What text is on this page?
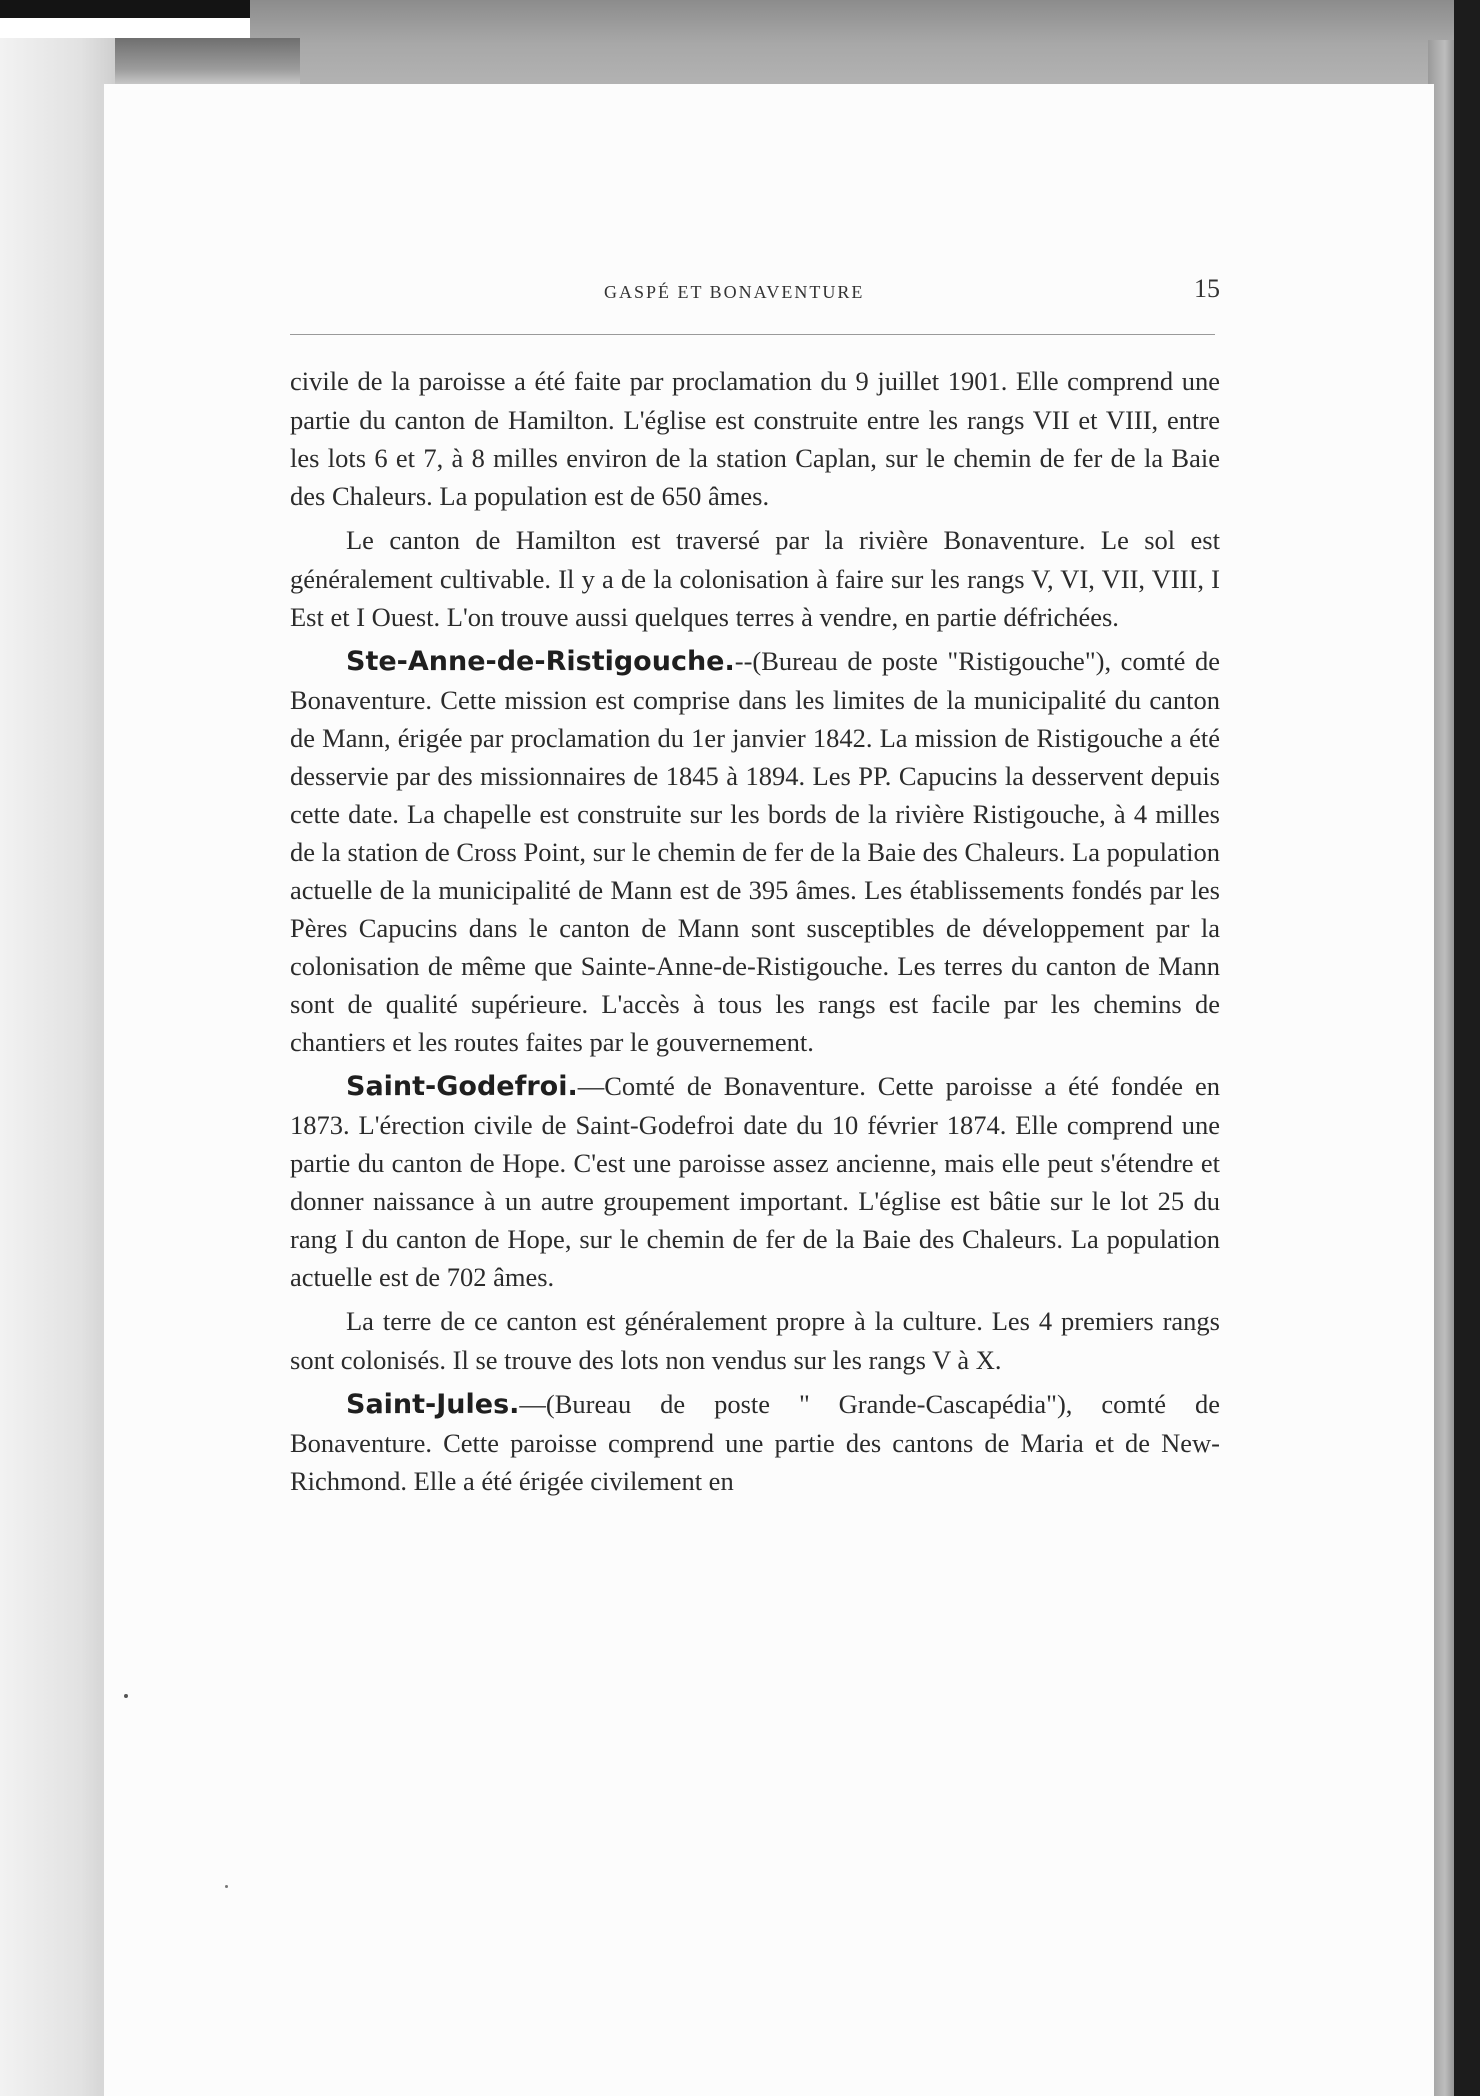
GASPÉ ET BONAVENTURE	15

civile de la paroisse a été faite par proclamation du 9 juillet 1901. Elle comprend une partie du canton de Hamilton. L'église est construite entre les rangs VII et VIII, entre les lots 6 et 7, à 8 milles environ de la station Caplan, sur le chemin de fer de la Baie des Chaleurs. La population est de 650 âmes.

Le canton de Hamilton est traversé par la rivière Bonaventure. Le sol est généralement cultivable. Il y a de la colonisation à faire sur les rangs V, VI, VII, VIII, I Est et I Ouest. L'on trouve aussi quelques terres à vendre, en partie défrichées.

Ste-Anne-de-Ristigouche.--(Bureau de poste "Ristigouche"), comté de Bonaventure. Cette mission est comprise dans les limites de la municipalité du canton de Mann, érigée par proclamation du 1er janvier 1842. La mission de Ristigouche a été desservie par des missionnaires de 1845 à 1894. Les PP. Capucins la desservent depuis cette date. La chapelle est construite sur les bords de la rivière Ristigouche, à 4 milles de la station de Cross Point, sur le chemin de fer de la Baie des Chaleurs. La population actuelle de la municipalité de Mann est de 395 âmes. Les établissements fondés par les Pères Capucins dans le canton de Mann sont susceptibles de développement par la colonisation de même que Sainte-Anne-de-Ristigouche. Les terres du canton de Mann sont de qualité supérieure. L'accès à tous les rangs est facile par les chemins de chantiers et les routes faites par le gouvernement.

Saint-Godefroi.—Comté de Bonaventure. Cette paroisse a été fondée en 1873. L'érection civile de Saint-Godefroi date du 10 février 1874. Elle comprend une partie du canton de Hope. C'est une paroisse assez ancienne, mais elle peut s'étendre et donner naissance à un autre groupement important. L'église est bâtie sur le lot 25 du rang I du canton de Hope, sur le chemin de fer de la Baie des Chaleurs. La population actuelle est de 702 âmes.

La terre de ce canton est généralement propre à la culture. Les 4 premiers rangs sont colonisés. Il se trouve des lots non vendus sur les rangs V à X.

Saint-Jules.—(Bureau de poste " Grande-Cascapédia"), comté de Bonaventure. Cette paroisse comprend une partie des cantons de Maria et de New-Richmond. Elle a été érigée civilement en
